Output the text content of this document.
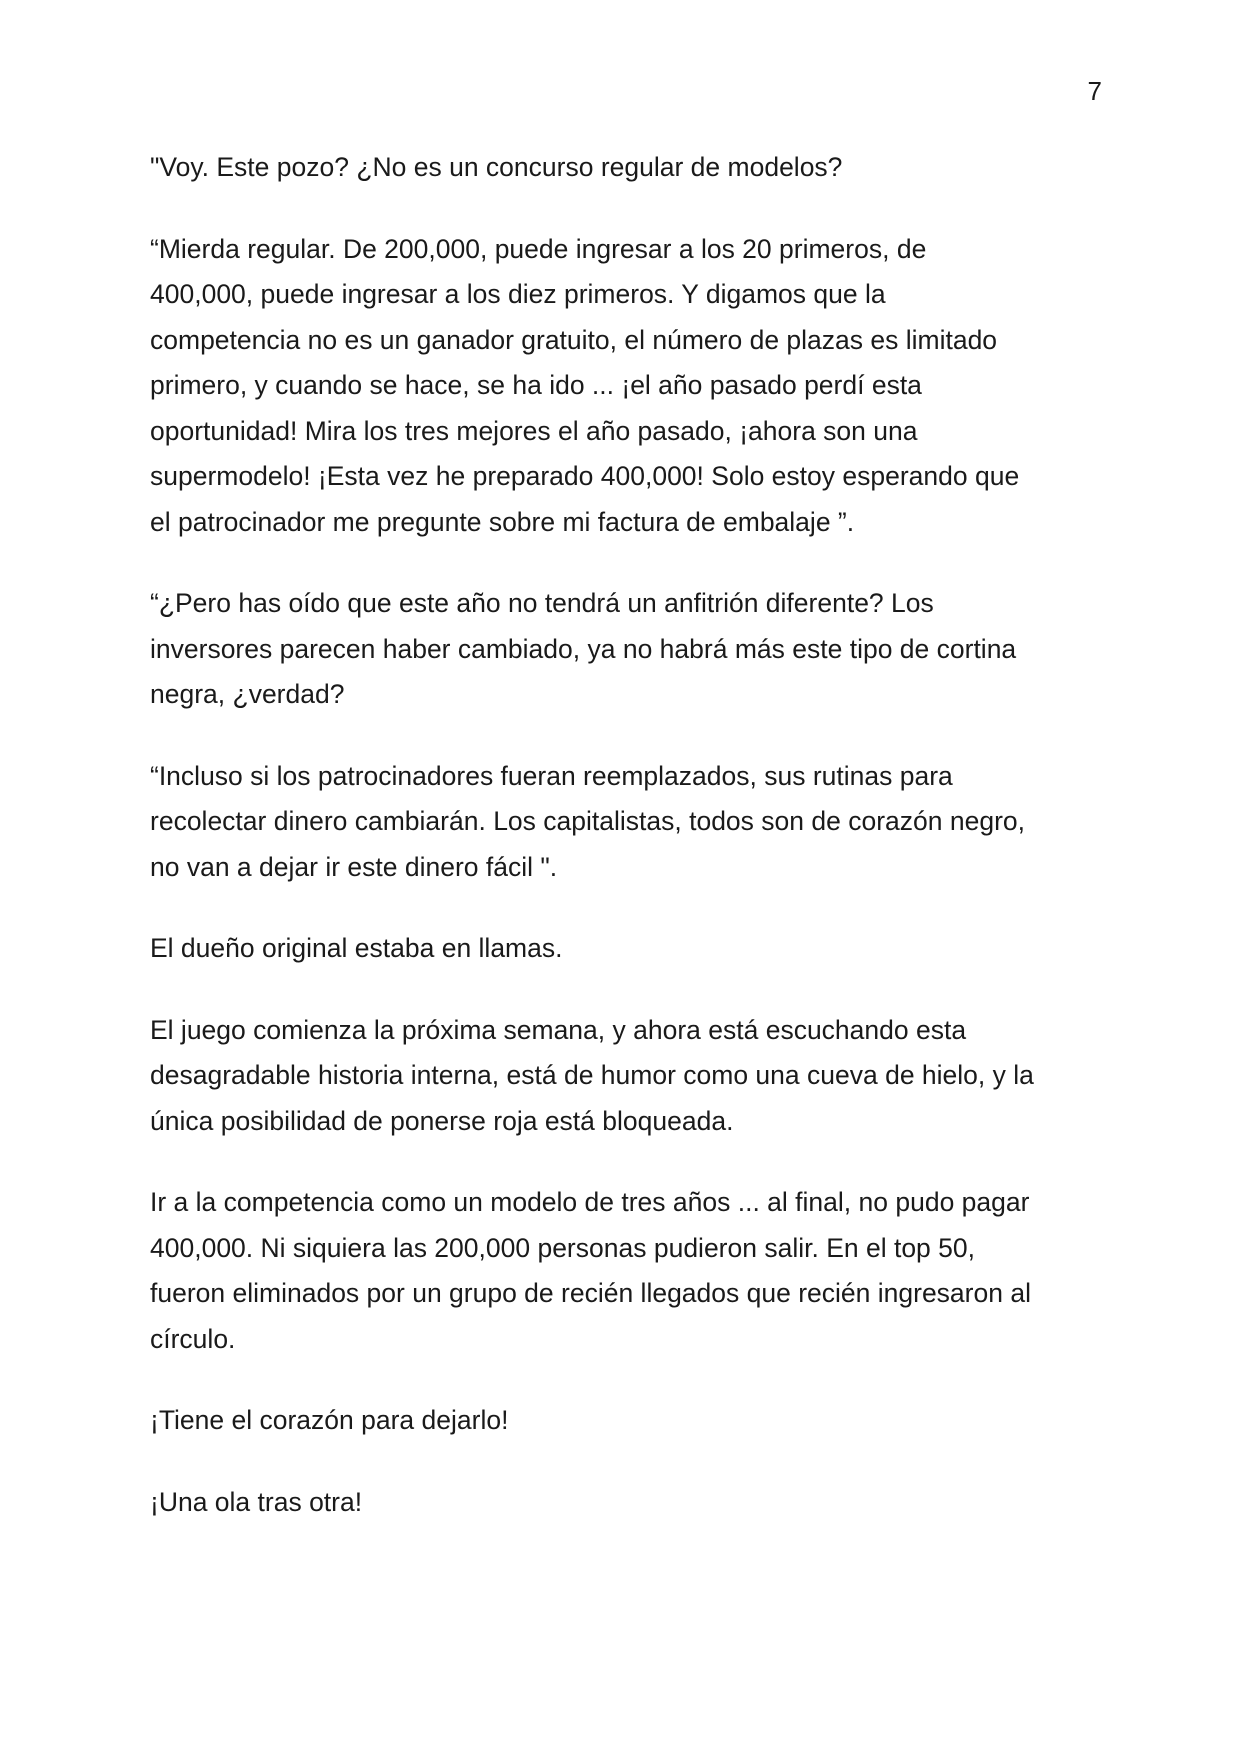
7

"Voy. Este pozo? ¿No es un concurso regular de modelos?

“Mierda regular. De 200,000, puede ingresar a los 20 primeros, de
400,000, puede ingresar a los diez primeros. Y digamos que la
competencia no es un ganador gratuito, el número de plazas es limitado
primero, y cuando se hace, se ha ido ... ¡el año pasado perdí esta
oportunidad! Mira los tres mejores el año pasado, ¡ahora son una
supermodelo! ¡Esta vez he preparado 400,000! Solo estoy esperando que
el patrocinador me pregunte sobre mi factura de embalaje ”.

“¿Pero has oído que este año no tendrá un anfitrión diferente? Los
inversores parecen haber cambiado, ya no habrá más este tipo de cortina
negra, ¿verdad?

“Incluso si los patrocinadores fueran reemplazados, sus rutinas para
recolectar dinero cambiarán. Los capitalistas, todos son de corazón negro,
no van a dejar ir este dinero fácil ".

El dueño original estaba en llamas.

El juego comienza la próxima semana, y ahora está escuchando esta
desagradable historia interna, está de humor como una cueva de hielo, y la
única posibilidad de ponerse roja está bloqueada.

Ir a la competencia como un modelo de tres años ... al final, no pudo pagar
400,000. Ni siquiera las 200,000 personas pudieron salir. En el top 50,
fueron eliminados por un grupo de recién llegados que recién ingresaron al
círculo.

¡Tiene el corazón para dejarlo!

¡Una ola tras otra!
